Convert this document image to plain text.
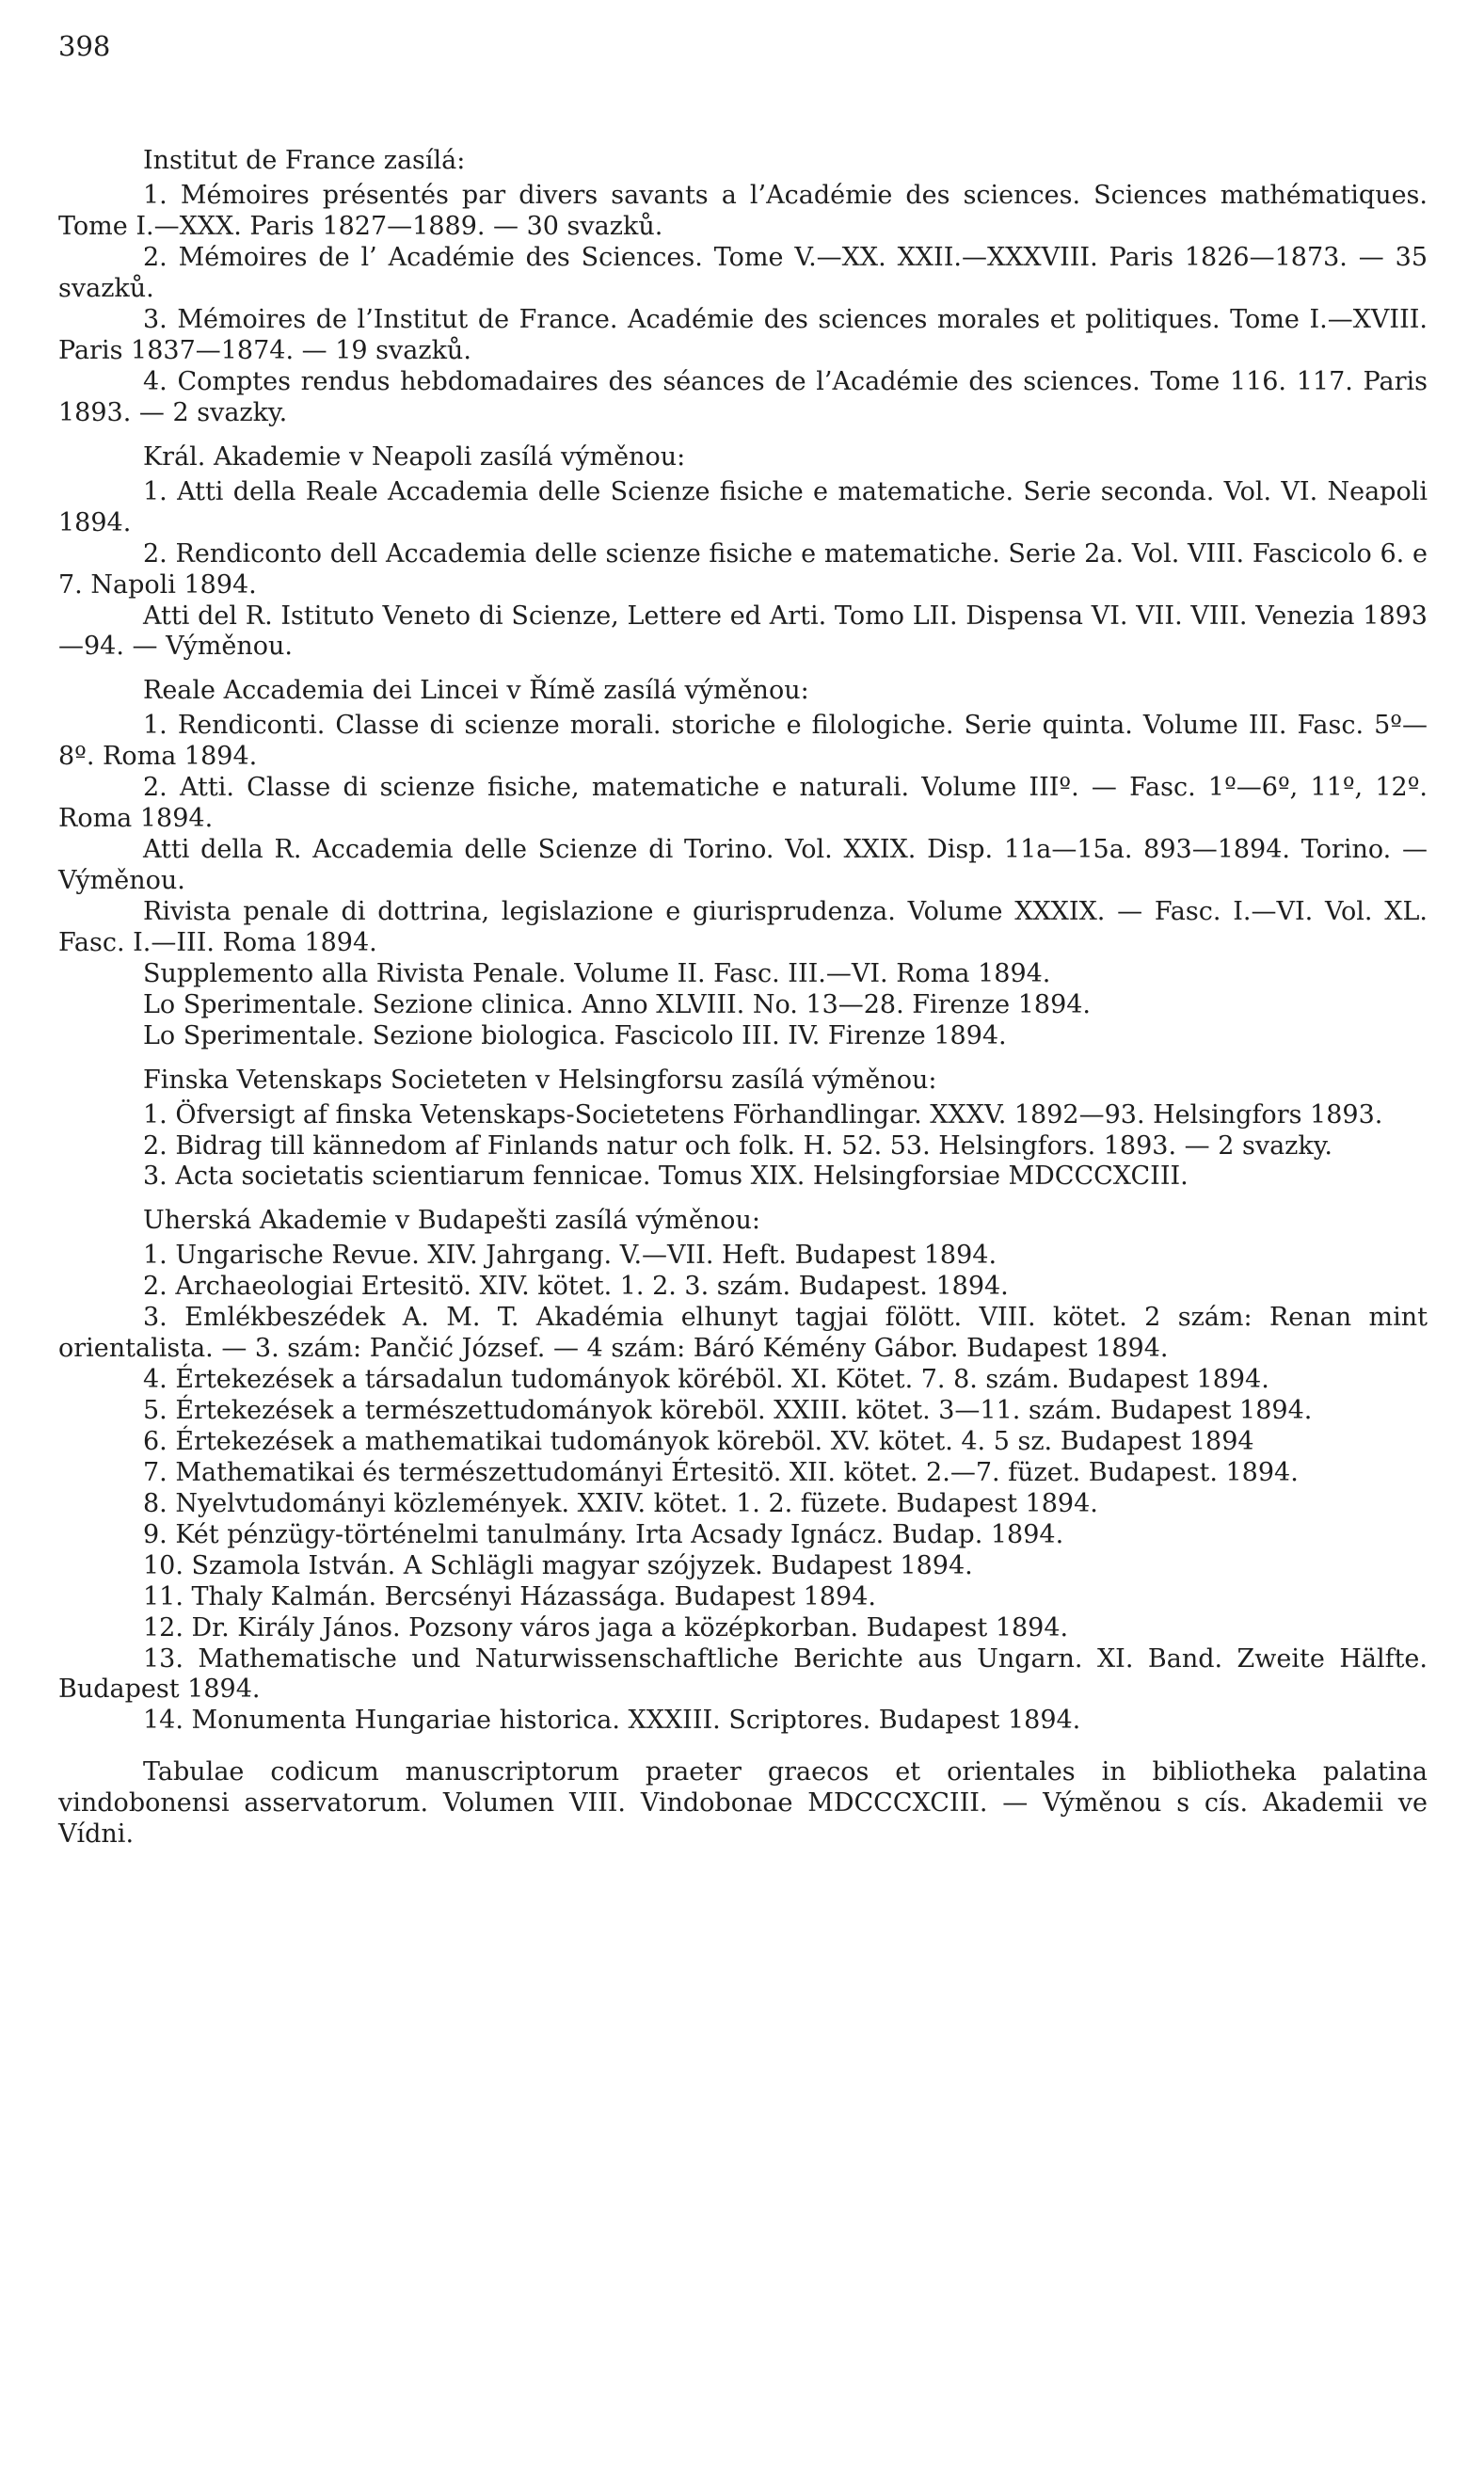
398

Institut de France zasílá:

1. Mémoires présentés par divers savants a l’Académie des sciences. Sciences mathématiques. Tome I.—XXX. Paris 1827—1889. — 30 svazků.

2. Mémoires de l’ Académie des Sciences. Tome V.—XX. XXII.—XXXVIII. Paris 1826—1873. — 35 svazků.

3. Mémoires de l’Institut de France. Académie des sciences morales et politiques. Tome I.—XVIII. Paris 1837—1874. — 19 svazků.

4. Comptes rendus hebdomadaires des séances de l’Académie des sciences. Tome 116. 117. Paris 1893. — 2 svazky.

Král. Akademie v Neapoli zasílá výměnou:

1. Atti della Reale Accademia delle Scienze fisiche e matematiche. Serie seconda. Vol. VI. Neapoli 1894.

2. Rendiconto dell Accademia delle scienze fisiche e matematiche. Serie 2a. Vol. VIII. Fascicolo 6. e 7. Napoli 1894.

Atti del R. Istituto Veneto di Scienze, Lettere ed Arti. Tomo LII. Dispensa VI. VII. VIII. Venezia 1893—94. — Výměnou.

Reale Accademia dei Lincei v Římě zasílá výměnou:

1. Rendiconti. Classe di scienze morali. storiche e filologiche. Serie quinta. Volume III. Fasc. 5º—8º. Roma 1894.

2. Atti. Classe di scienze fisiche, matematiche e naturali. Volume IIIº. — Fasc. 1º—6º, 11º, 12º. Roma 1894.

Atti della R. Accademia delle Scienze di Torino. Vol. XXIX. Disp. 11a—15a. 893—1894. Torino. — Výměnou.

Rivista penale di dottrina, legislazione e giurisprudenza. Volume XXXIX. — Fasc. I.—VI. Vol. XL. Fasc. I.—III. Roma 1894.

Supplemento alla Rivista Penale. Volume II. Fasc. III.—VI. Roma 1894.

Lo Sperimentale. Sezione clinica. Anno XLVIII. No. 13—28. Firenze 1894.

Lo Sperimentale. Sezione biologica. Fascicolo III. IV. Firenze 1894.

Finska Vetenskaps Societeten v Helsingforsu zasílá výměnou:

1. Öfversigt af finska Vetenskaps-Societetens Förhandlingar. XXXV. 1892—93. Helsingfors 1893.

2. Bidrag till kännedom af Finlands natur och folk. H. 52. 53. Helsingfors. 1893. — 2 svazky.

3. Acta societatis scientiarum fennicae. Tomus XIX. Helsingforsiae MDCCCXCIII.

Uherská Akademie v Budapešti zasílá výměnou:

1. Ungarische Revue. XIV. Jahrgang. V.—VII. Heft. Budapest 1894.

2. Archaeologiai Ertesitö. XIV. kötet. 1. 2. 3. szám. Budapest. 1894.

3. Emlékbeszédek A. M. T. Akadémia elhunyt tagjai fölött. VIII. kötet. 2 szám: Renan mint orientalista. — 3. szám: Pančić József. — 4 szám: Báró Kémény Gábor. Budapest 1894.

4. Értekezések a társadalun tudományok köréböl. XI. Kötet. 7. 8. szám. Budapest 1894.

5. Értekezések a természettudományok köreböl. XXIII. kötet. 3—11. szám. Budapest 1894.

6. Értekezések a mathematikai tudományok köreböl. XV. kötet. 4. 5 sz. Budapest 1894

7. Mathematikai és természettudományi Értesitö. XII. kötet. 2.—7. füzet. Budapest. 1894.

8. Nyelvtudományi közlemények. XXIV. kötet. 1. 2. füzete. Budapest 1894.

9. Két pénzügy-történelmi tanulmány. Irta Acsady Ignácz. Budap. 1894.

10. Szamola István. A Schlägli magyar szójyzek. Budapest 1894.

11. Thaly Kalmán. Bercsényi Házassága. Budapest 1894.

12. Dr. Király János. Pozsony város jaga a középkorban. Budapest 1894.

13. Mathematische und Naturwissenschaftliche Berichte aus Ungarn. XI. Band. Zweite Hälfte. Budapest 1894.

14. Monumenta Hungariae historica. XXXIII. Scriptores. Budapest 1894.

Tabulae codicum manuscriptorum praeter graecos et orientales in bibliotheka palatina vindobonensi asservatorum. Volumen VIII. Vindobonae MDCCCXCIII. — Výměnou s cís. Akademii ve Vídni.
